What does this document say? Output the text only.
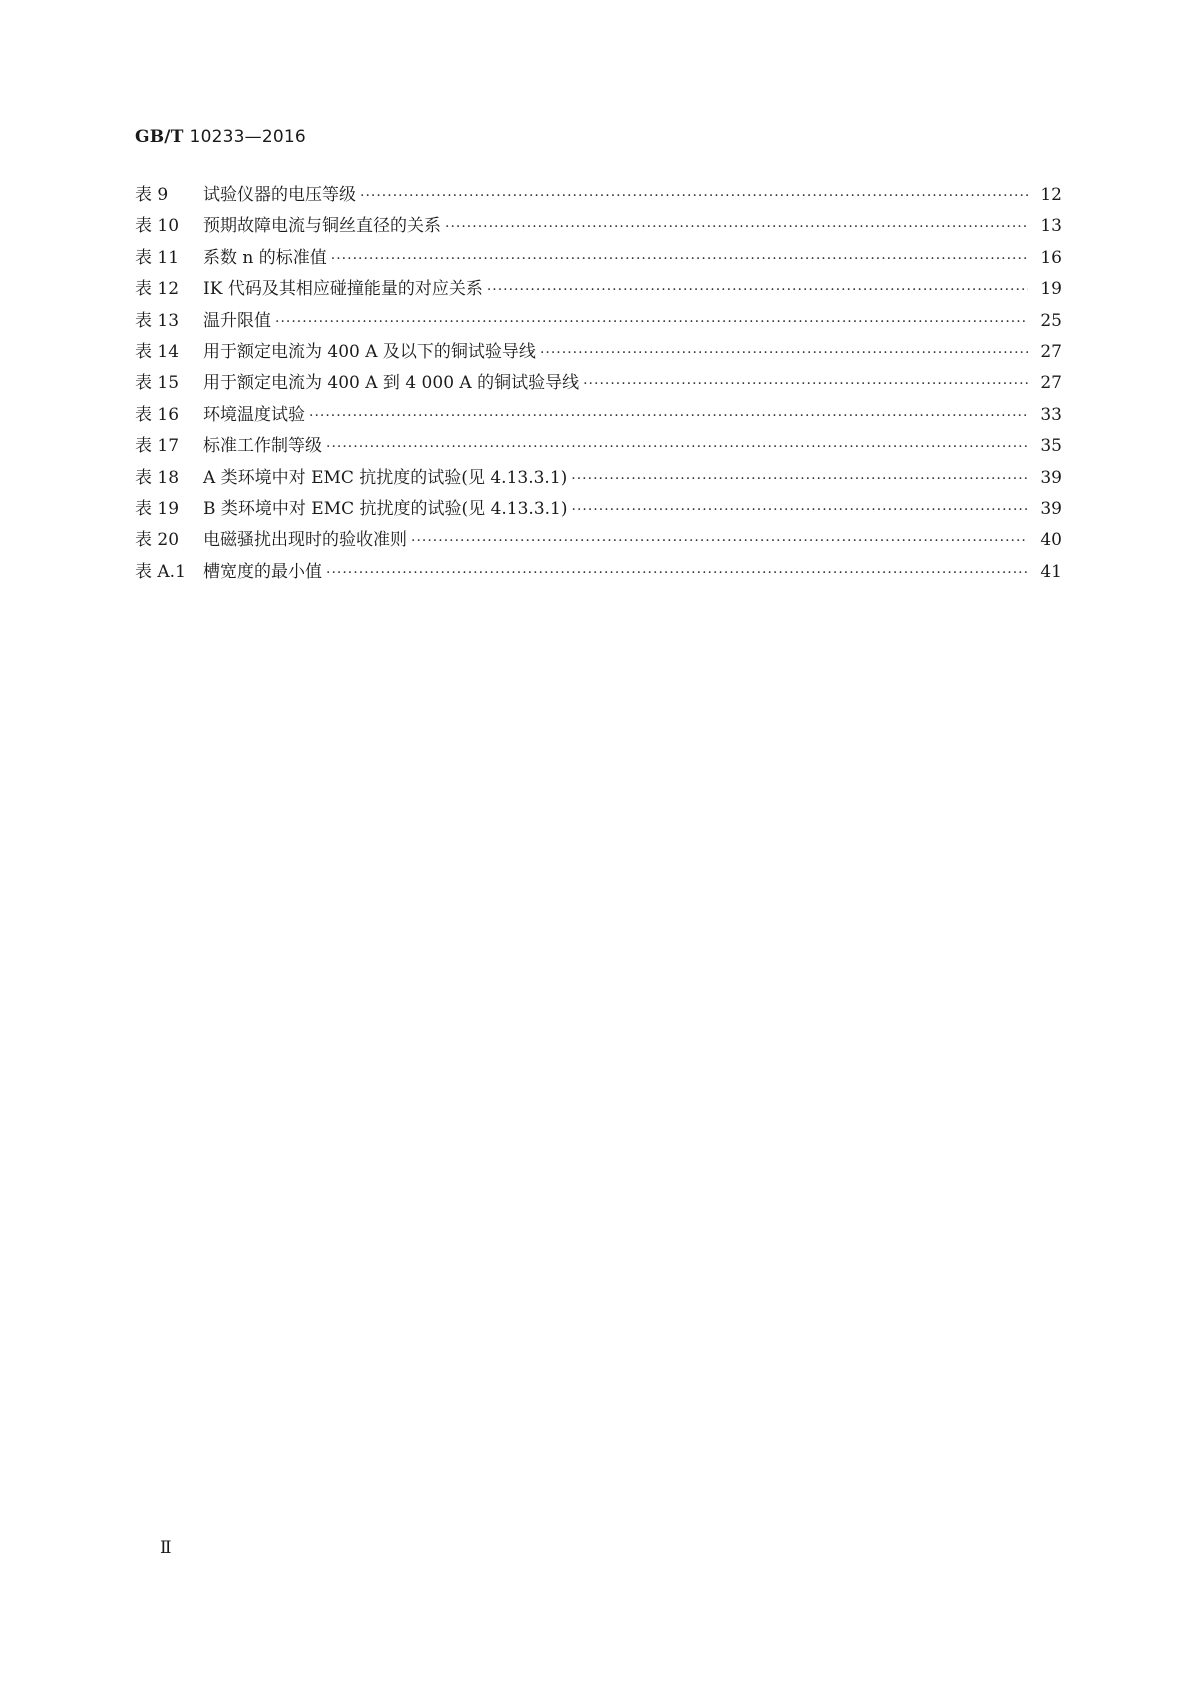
GB/T 10233—2016
表 9	试验仪器的电压等级 ·····	12
表 10	预期故障电流与铜丝直径的关系 ·····	13
表 11	系数 n 的标准值 ·····	16
表 12	IK 代码及其相应碰撞能量的对应关系 ·····	19
表 13	温升限值 ·····	25
表 14	用于额定电流为 400 A 及以下的铜试验导线 ·····	27
表 15	用于额定电流为 400 A 到 4 000 A 的铜试验导线 ·····	27
表 16	环境温度试验 ·····	33
表 17	标准工作制等级 ·····	35
表 18	A 类环境中对 EMC 抗扰度的试验(见 4.13.3.1) ·····	39
表 19	B 类环境中对 EMC 抗扰度的试验(见 4.13.3.1) ·····	39
表 20	电磁骚扰出现时的验收准则 ·····	40
表 A.1	槽宽度的最小值 ·····	41
Ⅱ
